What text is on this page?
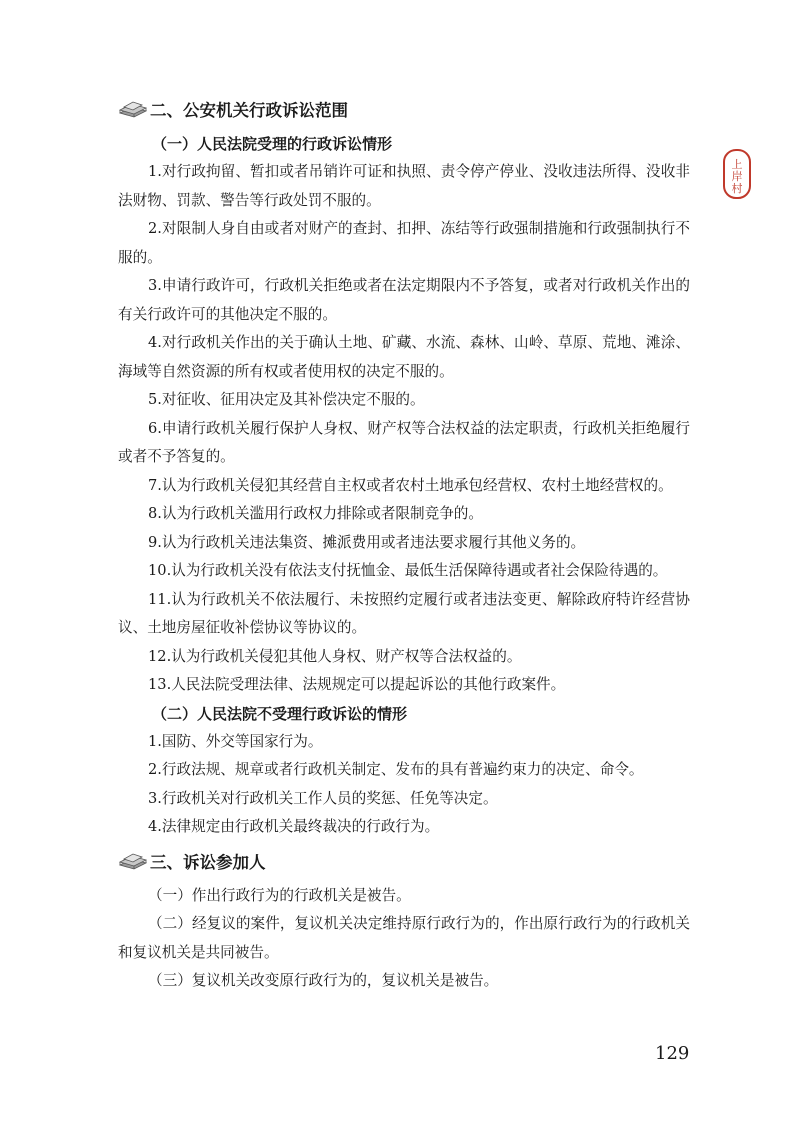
上
岸
村
二、公安机关行政诉讼范围
（一）人民法院受理的行政诉讼情形

1.对行政拘留、暂扣或者吊销许可证和执照、责令停产停业、没收违法所得、没收非法财物、罚款、警告等行政处罚不服的。

2.对限制人身自由或者对财产的查封、扣押、冻结等行政强制措施和行政强制执行不服的。

3.申请行政许可，行政机关拒绝或者在法定期限内不予答复，或者对行政机关作出的有关行政许可的其他决定不服的。

4.对行政机关作出的关于确认土地、矿藏、水流、森林、山岭、草原、荒地、滩涂、海域等自然资源的所有权或者使用权的决定不服的。

5.对征收、征用决定及其补偿决定不服的。

6.申请行政机关履行保护人身权、财产权等合法权益的法定职责，行政机关拒绝履行或者不予答复的。

7.认为行政机关侵犯其经营自主权或者农村土地承包经营权、农村土地经营权的。

8.认为行政机关滥用行政权力排除或者限制竞争的。

9.认为行政机关违法集资、摊派费用或者违法要求履行其他义务的。

10.认为行政机关没有依法支付抚恤金、最低生活保障待遇或者社会保险待遇的。

11.认为行政机关不依法履行、未按照约定履行或者违法变更、解除政府特许经营协议、土地房屋征收补偿协议等协议的。

12.认为行政机关侵犯其他人身权、财产权等合法权益的。

13.人民法院受理法律、法规规定可以提起诉讼的其他行政案件。

（二）人民法院不受理行政诉讼的情形

1.国防、外交等国家行为。

2.行政法规、规章或者行政机关制定、发布的具有普遍约束力的决定、命令。

3.行政机关对行政机关工作人员的奖惩、任免等决定。

4.法律规定由行政机关最终裁决的行政行为。

三、诉讼参加人

（一）作出行政行为的行政机关是被告。

（二）经复议的案件，复议机关决定维持原行政行为的，作出原行政行为的行政机关和复议机关是共同被告。

（三）复议机关改变原行政行为的，复议机关是被告。

129
